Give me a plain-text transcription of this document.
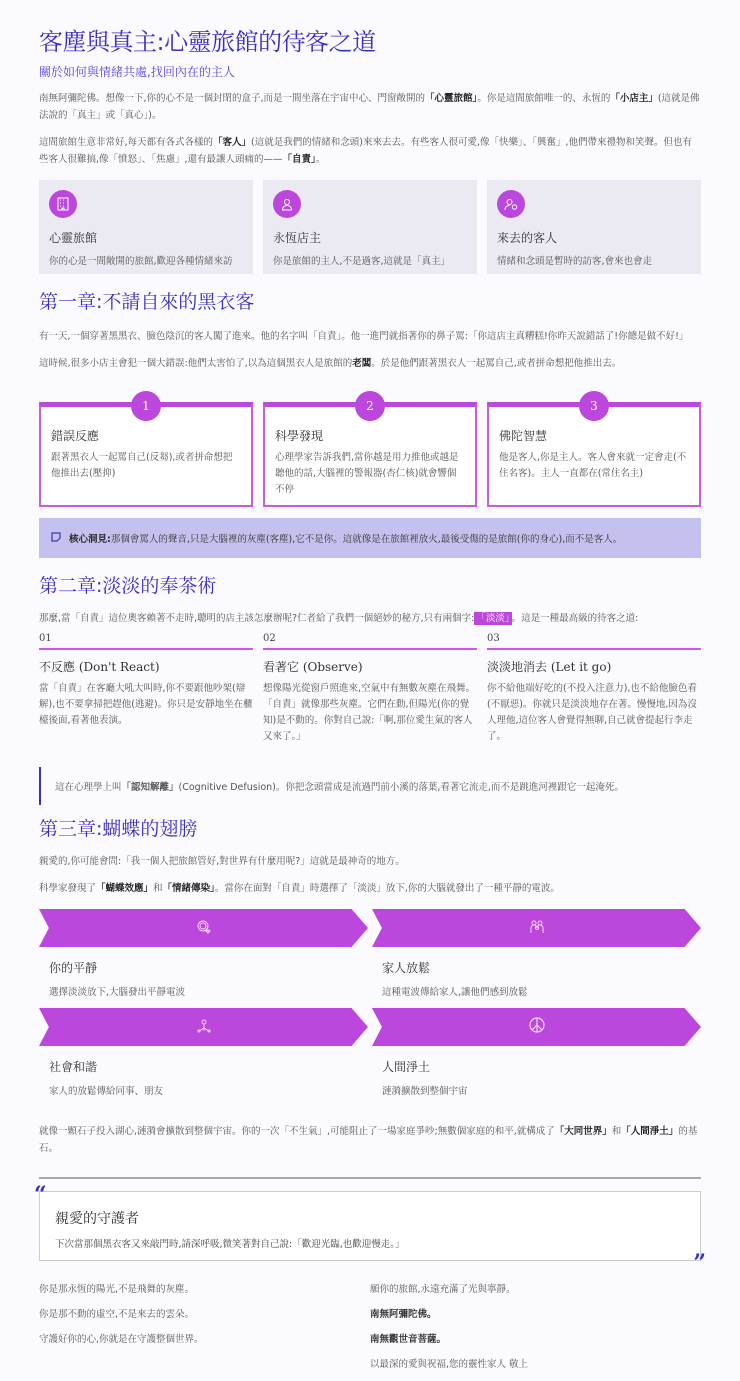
客塵與真主:心靈旅館的待客之道
關於如何與情緒共處,找回內在的主人

南無阿彌陀佛。想像一下,你的心不是一個封閉的盒子,而是一間坐落在宇宙中心、門窗敞開的「心靈旅館」。你是這間旅館唯一的、永恆的「小店主」(這就是佛法說的「真主」或「真心」)。

這間旅館生意非常好,每天都有各式各樣的「客人」(這就是我們的情緒和念頭)來來去去。有些客人很可愛,像「快樂」、「興奮」,他們帶來禮物和笑聲。但也有些客人很難搞,像「憤怒」、「焦慮」,還有最讓人頭痛的——「自責」。

心靈旅館
你的心是一間敞開的旅館,歡迎各種情緒來訪
永恆店主
你是旅館的主人,不是過客,這就是「真主」
來去的客人
情緒和念頭是暫時的訪客,會來也會走
第一章:不請自來的黑衣客

有一天,一個穿著黑黑衣、臉色陰沉的客人闖了進來。他的名字叫「自責」。他一進門就指著你的鼻子罵:「你這店主真糟糕!你昨天說錯話了!你總是做不好!」

這時候,很多小店主會犯一個大錯誤:他們太害怕了,以為這個黑衣人是旅館的老闆。於是他們跟著黑衣人一起罵自己,或者拼命想把他推出去。

1
錯誤反應
跟著黑衣人一起罵自己(反芻),或者拼命想把他推出去(壓抑)
2
科學發現
心理學家告訴我們,當你越是用力推他或越是聽他的話,大腦裡的警報器(杏仁核)就會響個不停
3
佛陀智慧
他是客人,你是主人。客人會來就一定會走(不住名客)。主人一直都在(常住名主)
核心洞見: 那個會罵人的聲音,只是大腦裡的灰塵(客塵),它不是你。這就像是在旅館裡放火,最後受傷的是旅館(你的身心),而不是客人。
第二章:淡淡的奉茶術

那麼,當「自責」這位奧客賴著不走時,聰明的店主該怎麼辦呢?仁者給了我們一個絕妙的秘方,只有兩個字: 「淡淡」 。這是一種最高級的待客之道:

01
不反應 (Don't React)
當「自責」在客廳大吼大叫時,你不要跟他吵架(辯解),也不要拿掃把趕他(逃避)。你只是安靜地坐在櫃檯後面,看著他表演。
02
看著它 (Observe)
想像陽光從窗戶照進來,空氣中有無數灰塵在飛舞。「自責」就像那些灰塵。它們在動,但陽光(你的覺知)是不動的。你對自己說:「啊,那位愛生氣的客人又來了。」
03
淡淡地消去 (Let it go)
你不給他端好吃的(不投入注意力),也不給他臉色看(不厭惡)。你就只是淡淡地存在著。慢慢地,因為沒人理他,這位客人會覺得無聊,自己就會提起行李走了。
這在心理學上叫「認知解離」(Cognitive Defusion)。你把念頭當成是流過門前小溪的落葉,看著它流走,而不是跳進河裡跟它一起淹死。
第三章:蝴蝶的翅膀

親愛的,你可能會問:「我一個人把旅館管好,對世界有什麼用呢?」這就是最神奇的地方。

科學家發現了「蝴蝶效應」和「情緒傳染」。當你在面對「自責」時選擇了「淡淡」放下,你的大腦就發出了一種平靜的電波。

你的平靜
選擇淡淡放下,大腦發出平靜電波
家人放鬆
這種電波傳給家人,讓他們感到放鬆
社會和諧
家人的放鬆傳給同事、朋友
人間淨土
漣漪擴散到整個宇宙

就像一顆石子投入湖心,漣漪會擴散到整個宇宙。你的一次「不生氣」,可能阻止了一場家庭爭吵;無數個家庭的和平,就構成了「大同世界」和「人間淨土」的基石。

“
親愛的守護者
下次當那個黑衣客又來敲門時,請深呼吸,微笑著對自己說:「歡迎光臨,也歡迎慢走。」
”
你是那永恆的陽光,不是飛舞的灰塵。
你是那不動的虛空,不是來去的雲朵。
守護好你的心,你就是在守護整個世界。
願你的旅館,永遠充滿了光與寧靜。
南無阿彌陀佛。
南無觀世音菩薩。
以最深的愛與祝福,您的靈性家人 敬上
